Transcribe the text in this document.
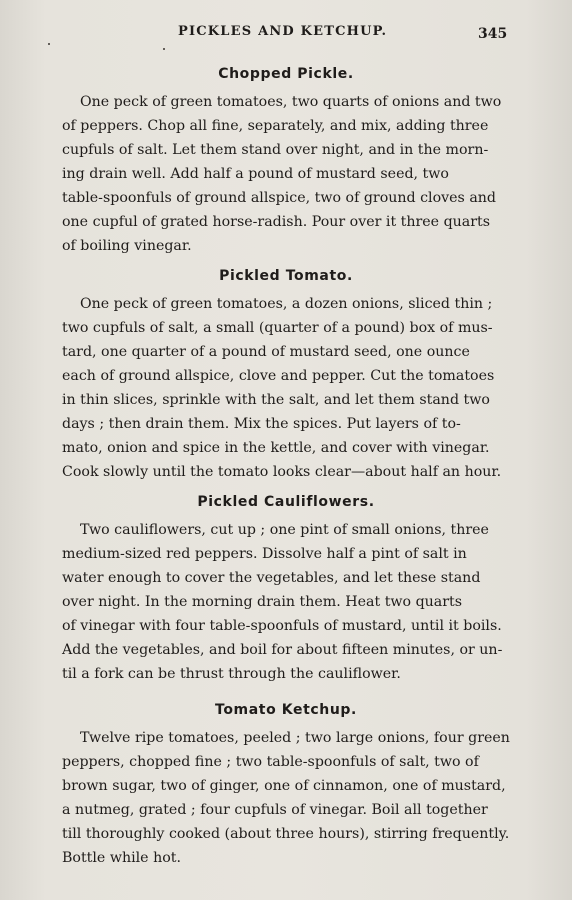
PICKLES AND KETCHUP.	345
Chopped Pickle.
One peck of green tomatoes, two quarts of onions and two
of peppers. Chop all fine, separately, and mix, adding three
cupfuls of salt. Let them stand over night, and in the morn-
ing drain well. Add half a pound of mustard seed, two
table-spoonfuls of ground allspice, two of ground cloves and
one cupful of grated horse-radish. Pour over it three quarts
of boiling vinegar.
Pickled Tomato.
One peck of green tomatoes, a dozen onions, sliced thin ;
two cupfuls of salt, a small (quarter of a pound) box of mus-
tard, one quarter of a pound of mustard seed, one ounce
each of ground allspice, clove and pepper. Cut the tomatoes
in thin slices, sprinkle with the salt, and let them stand two
days ; then drain them. Mix the spices. Put layers of to-
mato, onion and spice in the kettle, and cover with vinegar.
Cook slowly until the tomato looks clear—about half an hour.
Pickled Cauliflowers.
Two cauliflowers, cut up ; one pint of small onions, three
medium-sized red peppers. Dissolve half a pint of salt in
water enough to cover the vegetables, and let these stand
over night. In the morning drain them. Heat two quarts
of vinegar with four table-spoonfuls of mustard, until it boils.
Add the vegetables, and boil for about fifteen minutes, or un-
til a fork can be thrust through the cauliflower.
Tomato Ketchup.
Twelve ripe tomatoes, peeled ; two large onions, four green
peppers, chopped fine ; two table-spoonfuls of salt, two of
brown sugar, two of ginger, one of cinnamon, one of mustard,
a nutmeg, grated ; four cupfuls of vinegar. Boil all together
till thoroughly cooked (about three hours), stirring frequently.
Bottle while hot.
